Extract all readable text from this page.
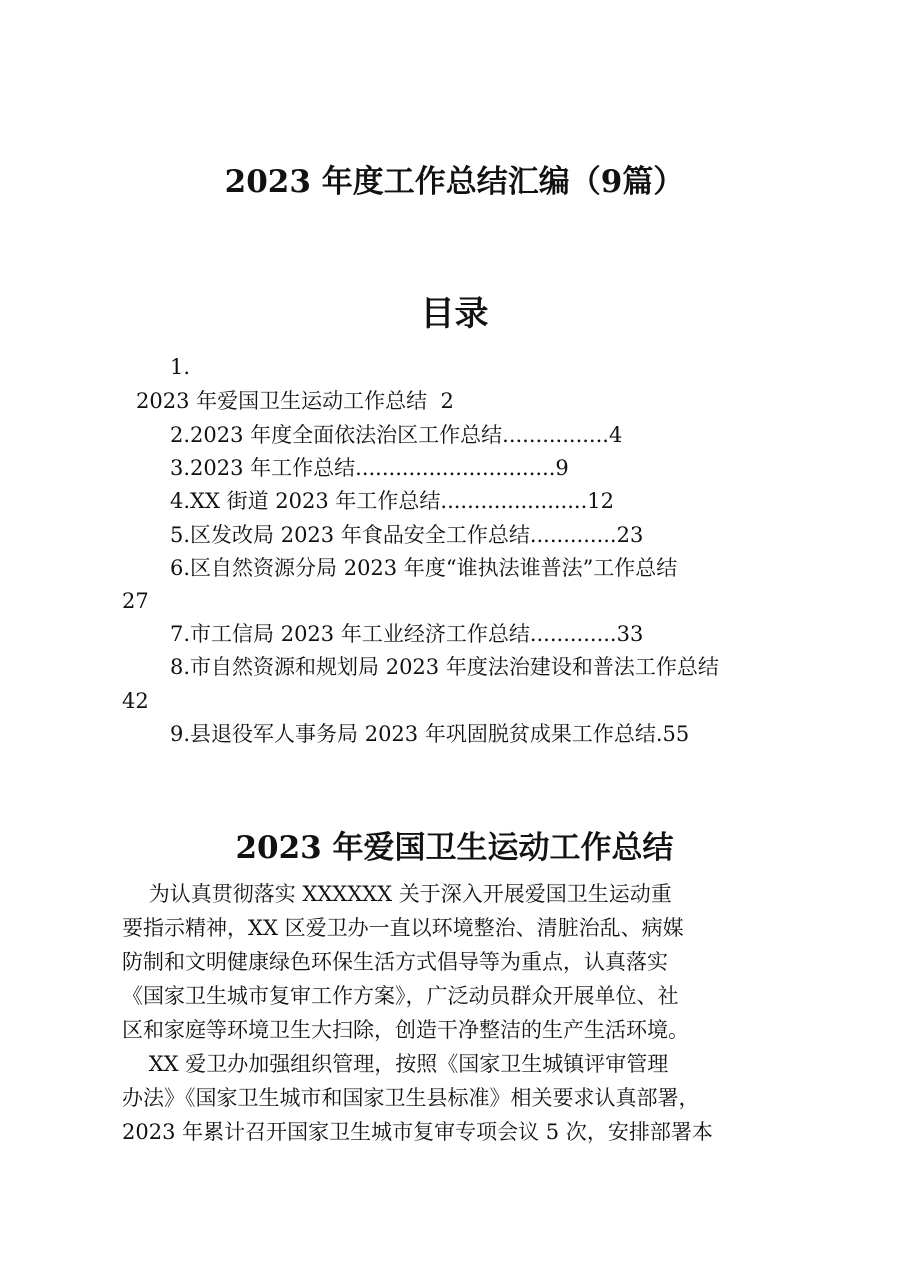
2023 年度工作总结汇编（9篇）
目录
1.
2023 年爱国卫生运动工作总结  2
2.2023 年度全面依法治区工作总结................4
3.2023 年工作总结..............................9
4.XX 街道 2023 年工作总结......................12
5.区发改局 2023 年食品安全工作总结.............23
6.区自然资源分局 2023 年度“谁执法谁普法”工作总结
27
7.市工信局 2023 年工业经济工作总结.............33
8.市自然资源和规划局 2023 年度法治建设和普法工作总结
42
9.县退役军人事务局 2023 年巩固脱贫成果工作总结.55
2023 年爱国卫生运动工作总结
为认真贯彻落实 XXXXXX 关于深入开展爱国卫生运动重
要指示精神，XX 区爱卫办一直以环境整治、清脏治乱、病媒
防制和文明健康绿色环保生活方式倡导等为重点，认真落实
《国家卫生城市复审工作方案》，广泛动员群众开展单位、社
区和家庭等环境卫生大扫除，创造干净整洁的生产生活环境。
XX 爱卫办加强组织管理，按照《国家卫生城镇评审管理
办法》《国家卫生城市和国家卫生县标准》相关要求认真部署，
2023 年累计召开国家卫生城市复审专项会议 5 次，安排部署本
